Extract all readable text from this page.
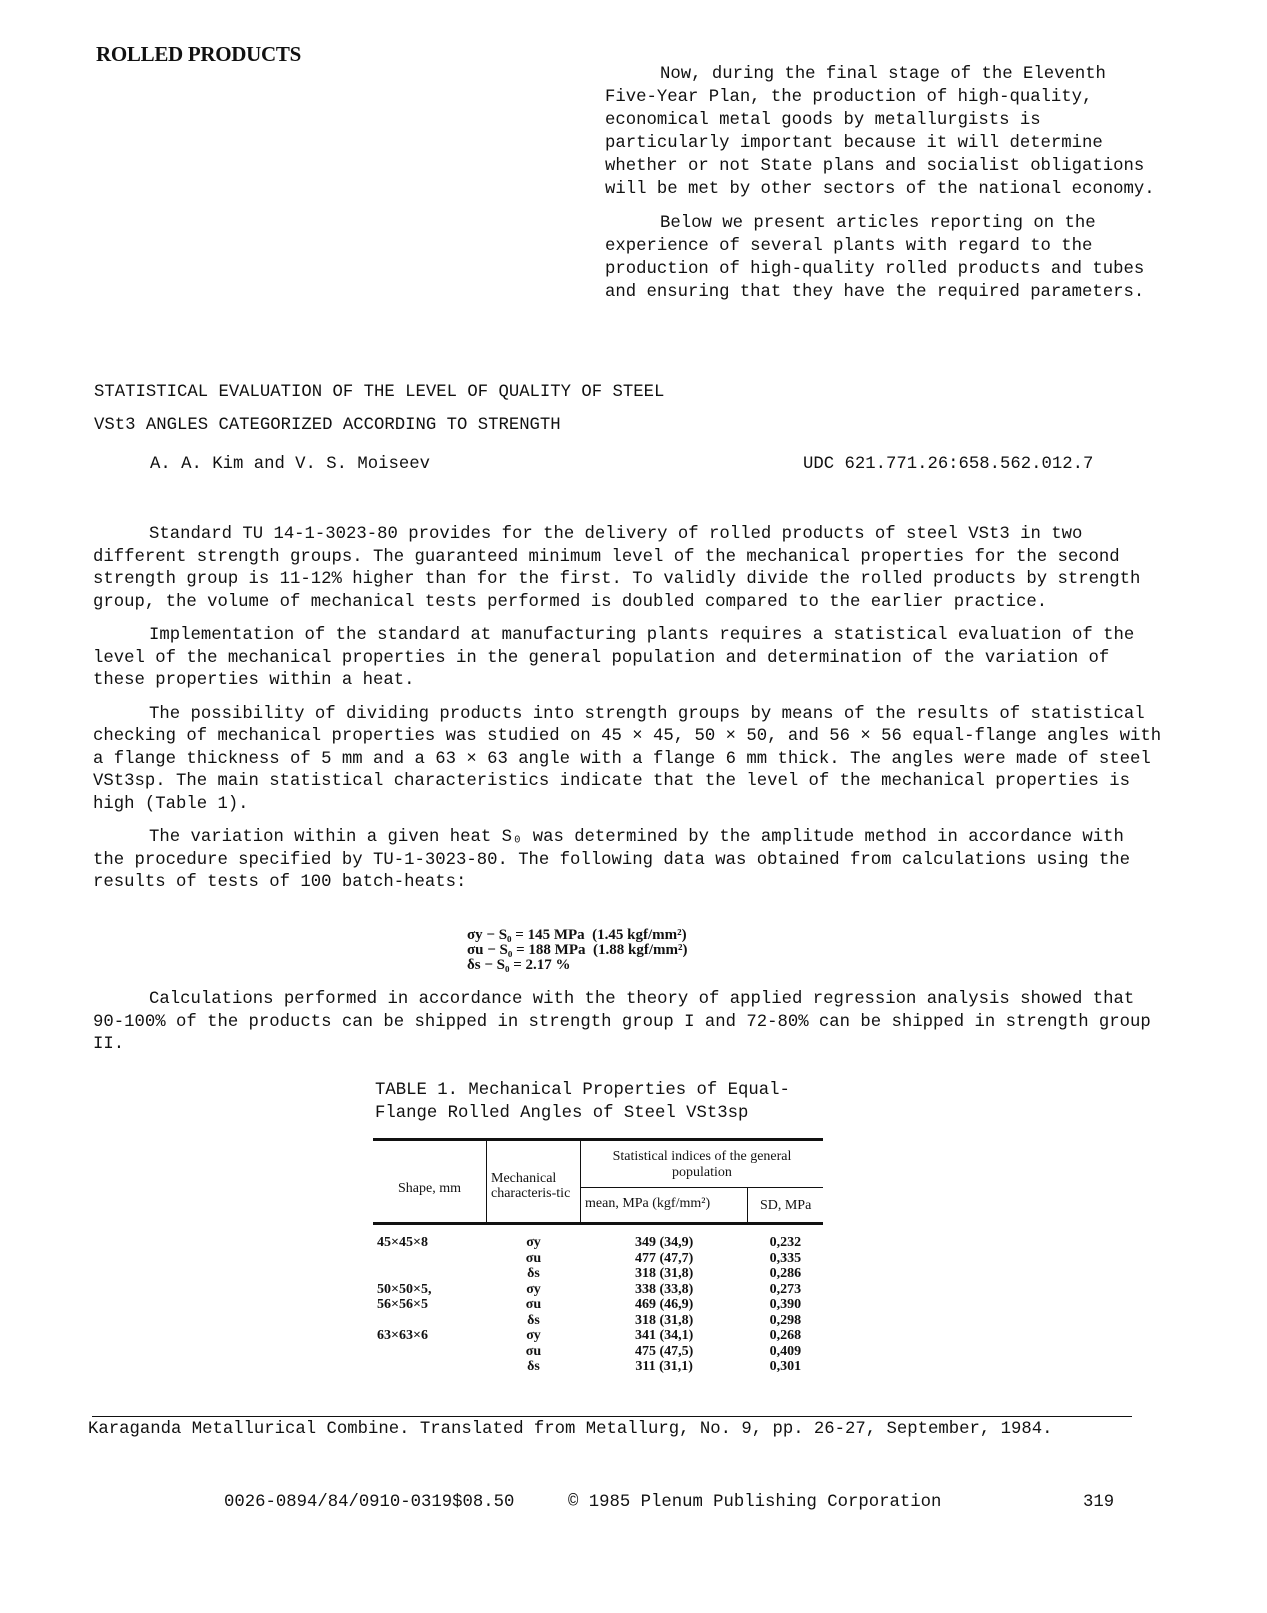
ROLLED PRODUCTS

Now, during the final stage of the Eleventh Five-Year Plan, the production of high-quality, economical metal goods by metallurgists is particularly important because it will determine whether or not State plans and socialist obligations will be met by other sectors of the national economy.

Below we present articles reporting on the experience of several plants with regard to the production of high-quality rolled products and tubes and ensuring that they have the required parameters.

STATISTICAL EVALUATION OF THE LEVEL OF QUALITY OF STEEL
VSt3 ANGLES CATEGORIZED ACCORDING TO STRENGTH
A. A. Kim and V. S. Moiseev	UDC 621.771.26:658.562.012.7

Standard TU 14-1-3023-80 provides for the delivery of rolled products of steel VSt3 in two different strength groups. The guaranteed minimum level of the mechanical properties for the second strength group is 11-12% higher than for the first. To validly divide the rolled products by strength group, the volume of mechanical tests performed is doubled compared to the earlier practice.

Implementation of the standard at manufacturing plants requires a statistical evaluation of the level of the mechanical properties in the general population and determination of the variation of these properties within a heat.

The possibility of dividing products into strength groups by means of the results of statistical checking of mechanical properties was studied on 45 × 45, 50 × 50, and 56 × 56 equal-flange angles with a flange thickness of 5 mm and a 63 × 63 angle with a flange 6 mm thick. The angles were made of steel VSt3sp. The main statistical characteristics indicate that the level of the mechanical properties is high (Table 1).

The variation within a given heat S₀ was determined by the amplitude method in accordance with the procedure specified by TU-1-3023-80. The following data was obtained from calculations using the results of tests of 100 batch-heats:

σy − S₀ = 145 MPa  (1.45 kgf/mm²)
σu − S₀ = 188 MPa  (1.88 kgf/mm²)
δs − S₀ = 2.17 %

Calculations performed in accordance with the theory of applied regression analysis showed that 90-100% of the products can be shipped in strength group I and 72-80% can be shipped in strength group II.

TABLE 1. Mechanical Properties of Equal-
Flange Rolled Angles of Steel VSt3sp
Shape, mm	Mechanical characteris-tic	Statistical indices of the general population	
		mean, MPa (kgf/mm²)	SD, MPa

45×45×8	σy	349 (34,9)	0,232
	σu	477 (47,7)	0,335
	δs	318 (31,8)	0,286
50×50×5,	σy	338 (33,8)	0,273
56×56×5	σu	469 (46,9)	0,390
	δs	318 (31,8)	0,298
63×63×6	σy	341 (34,1)	0,268
	σu	475 (47,5)	0,409
	δs	311 (31,1)	0,301
Karaganda Metallurical Combine. Translated from Metallurg, No. 9, pp. 26-27, September, 1984.
0026-0894/84/0910-0319$08.50	© 1985 Plenum Publishing Corporation	319
